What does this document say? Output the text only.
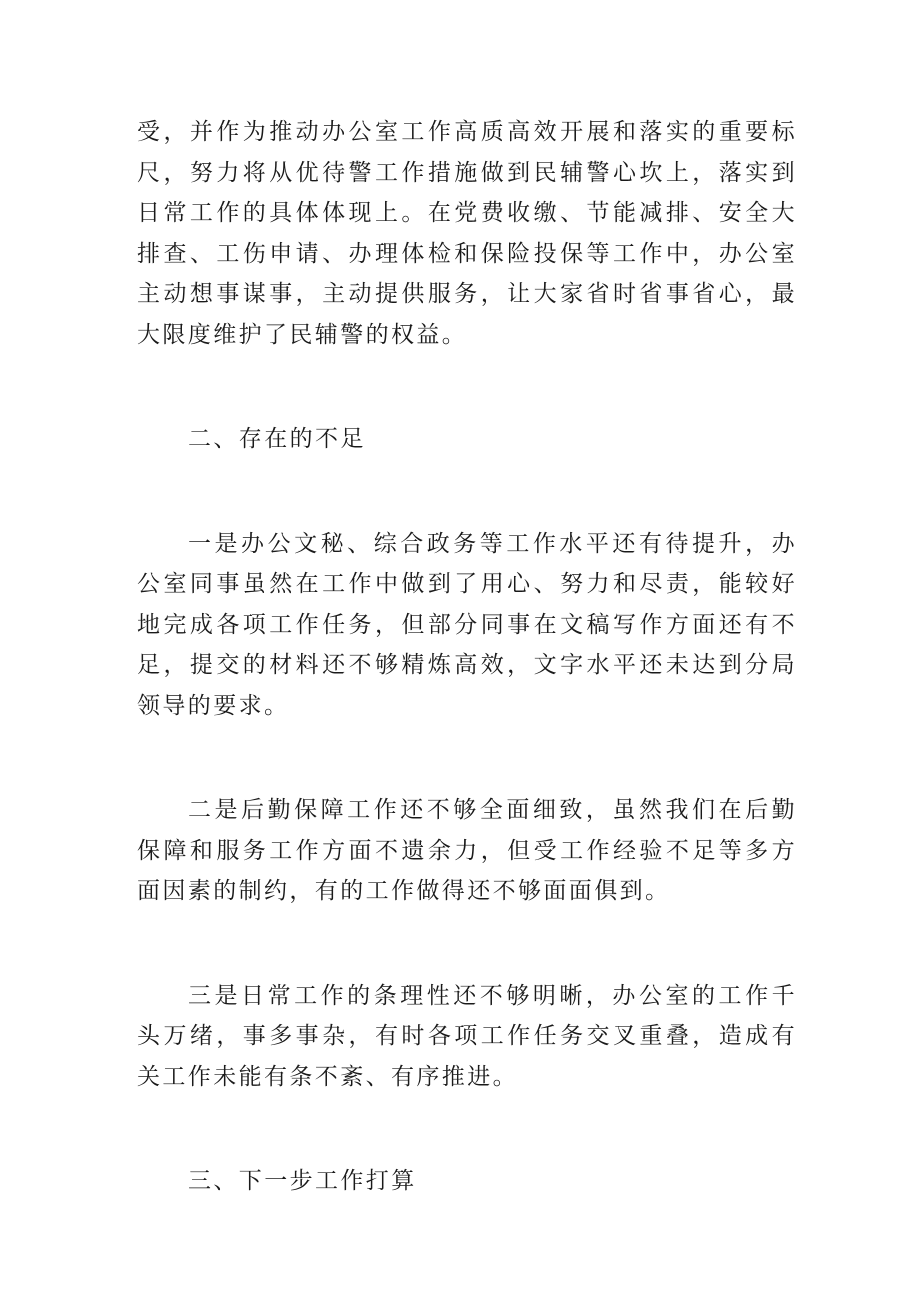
受，并作为推动办公室工作高质高效开展和落实的重要标尺，努力将从优待警工作措施做到民辅警心坎上，落实到日常工作的具体体现上。在党费收缴、节能减排、安全大排查、工伤申请、办理体检和保险投保等工作中，办公室主动想事谋事，主动提供服务，让大家省时省事省心，最大限度维护了民辅警的权益。

二、存在的不足

一是办公文秘、综合政务等工作水平还有待提升，办公室同事虽然在工作中做到了用心、努力和尽责，能较好地完成各项工作任务，但部分同事在文稿写作方面还有不足，提交的材料还不够精炼高效，文字水平还未达到分局领导的要求。

二是后勤保障工作还不够全面细致，虽然我们在后勤保障和服务工作方面不遗余力，但受工作经验不足等多方面因素的制约，有的工作做得还不够面面俱到。

三是日常工作的条理性还不够明晰，办公室的工作千头万绪，事多事杂，有时各项工作任务交叉重叠，造成有关工作未能有条不紊、有序推进。

三、下一步工作打算
